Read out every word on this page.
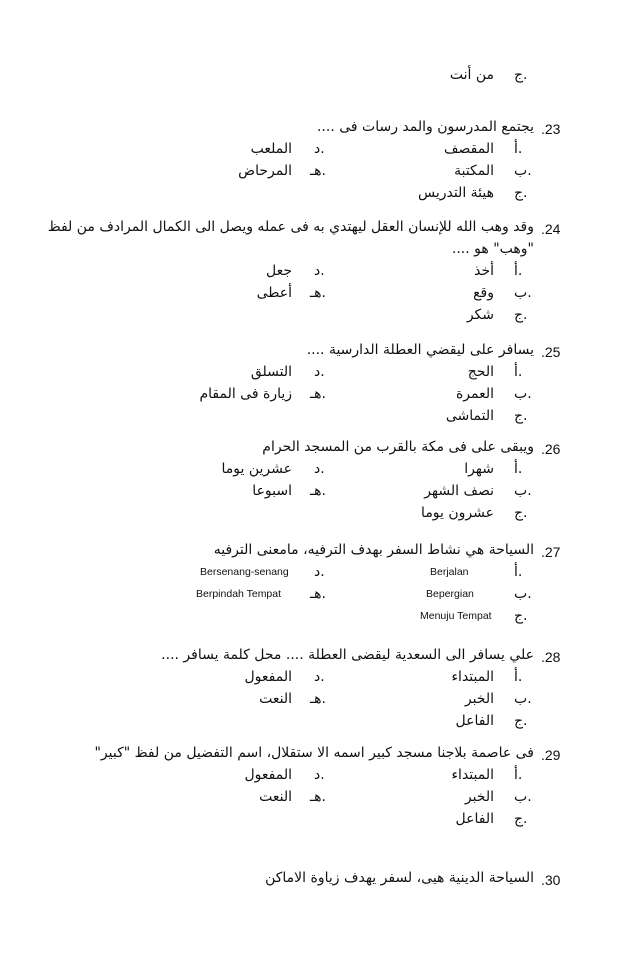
ج.
من أنت
.23
يجتمع المدرسون والمد رسات فى ....
أ.
المقصف
ب.
المكتبة
ج.
هيئة التدريس
د.
الملعب
هـ.
المرحاض
.24
وقد وهب الله للإنسان العقل ليهتدي به فى عمله ويصل الى الكمال المرادف من لفظ
"وهب" هو ....
أ.
أخذ
ب.
وقع
ج.
شكر
د.
جعل
هـ.
أعطى
.25
يسافر على ليقضي العطلة الدارسية ....
أ.
الحج
ب.
العمرة
ج.
التماشى
د.
التسلق
هـ.
زيارة فى المقام
.26
ويبقى على فى مكة بالقرب من المسجد الحرام
أ.
شهرا
ب.
نصف الشهر
ج.
عشرون يوما
د.
عشرين يوما
هـ.
اسبوعا
.27
السياحة هي نشاط السفر بهدف الترفيه، مامعنى الترفيه
أ.
Berjalan
ب.
Bepergian
ج.
Menuju Tempat
د.
Bersenang-senang
هـ.
Berpindah Tempat
.28
علي يسافر الى السعدية ليقضى العطلة .... محل كلمة يسافر ....
أ.
المبتداء
ب.
الخبر
ج.
الفاعل
د.
المفعول
هـ.
النعت
.29
فى عاصمة بلاجنا مسجد كبير اسمه الا ستقلال، اسم التفضيل من لفظ "كبير"
أ.
المبتداء
ب.
الخبر
ج.
الفاعل
د.
المفعول
هـ.
النعت
.30
السياحة الدينية هيى، لسفر يهدف زياوة الاماكن
